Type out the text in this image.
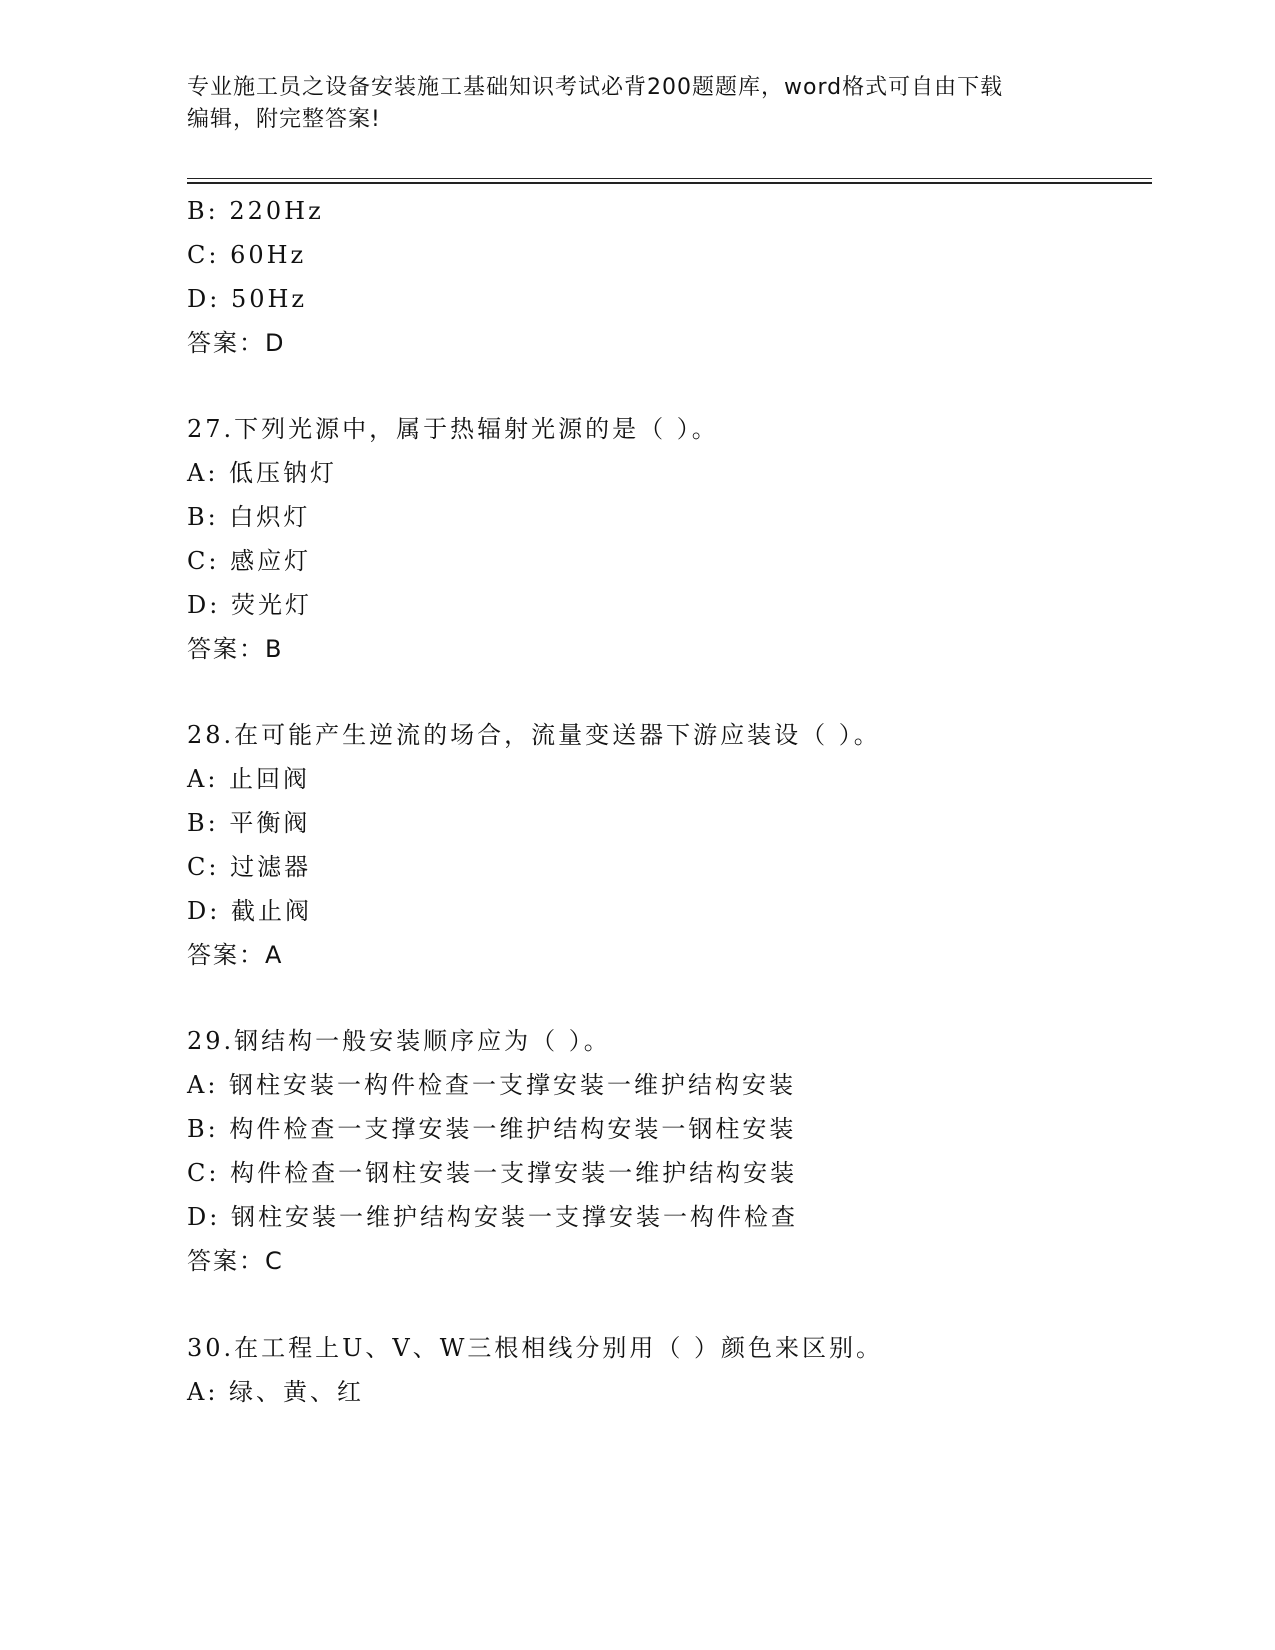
专业施工员之设备安装施工基础知识考试必背200题题库，word格式可自由下载
编辑，附完整答案!
B: 220Hz
C: 60Hz
D: 50Hz
答案：D
27.下列光源中，属于热辐射光源的是（ ）。
A: 低压钠灯
B: 白炽灯
C: 感应灯
D: 荧光灯
答案：B
28.在可能产生逆流的场合，流量变送器下游应装设（ ）。
A: 止回阀
B: 平衡阀
C: 过滤器
D: 截止阀
答案：A
29.钢结构一般安装顺序应为（ ）。
A: 钢柱安装一构件检查一支撑安装一维护结构安装
B: 构件检查一支撑安装一维护结构安装一钢柱安装
C: 构件检查一钢柱安装一支撑安装一维护结构安装
D: 钢柱安装一维护结构安装一支撑安装一构件检查
答案：C
30.在工程上U、V、W三根相线分别用（ ）颜色来区别。
A: 绿、黄、红
